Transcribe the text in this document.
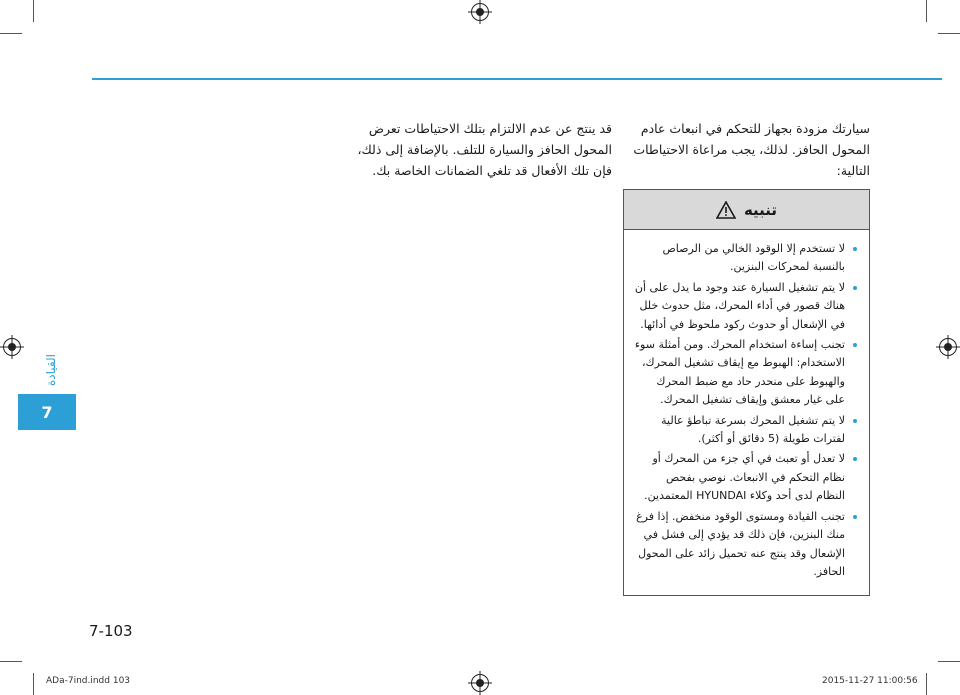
القيادة
7
سيارتك مزودة بجهاز للتحكم في انبعاث عادم المحول الحافز. لذلك، يجب مراعاة الاحتياطات التالية:
قد ينتج عن عدم الالتزام بتلك الاحتياطات تعرض المحول الحافز والسيارة للتلف. بالإضافة إلى ذلك، فإن تلك الأفعال قد تلغي الضمانات الخاصة بك.
تنبيه
لا تستخدم إلا الوقود الخالي من الرصاص بالنسبة لمحركات البنزين.
لا يتم تشغيل السيارة عند وجود ما يدل على أن هناك قصور في أداء المحرك، مثل حدوث خلل في الإشعال أو حدوث ركود ملحوظ في أدائها.
تجنب إساءة استخدام المحرك. ومن أمثلة سوء الاستخدام: الهبوط مع إيقاف تشغيل المحرك، والهبوط على منحدر حاد مع ضبط المحرك على غيار معشق وإيقاف تشغيل المحرك.
لا يتم تشغيل المحرك بسرعة تباطؤ عالية لفترات طويلة (5 دقائق أو أكثر).
لا تعدل أو تعبث في أي جزء من المحرك أو نظام التحكم في الانبعاث. نوصي بفحص النظام لدى أحد وكلاء HYUNDAI المعتمدين.
تجنب القيادة ومستوى الوقود منخفض. إذا فرغ منك البنزين، فإن ذلك قد يؤدي إلى فشل في الإشعال وقد ينتج عنه تحميل زائد على المحول الحافز.
7-103
ADa-7ind.indd 103	2015-11-27 11:00:56
